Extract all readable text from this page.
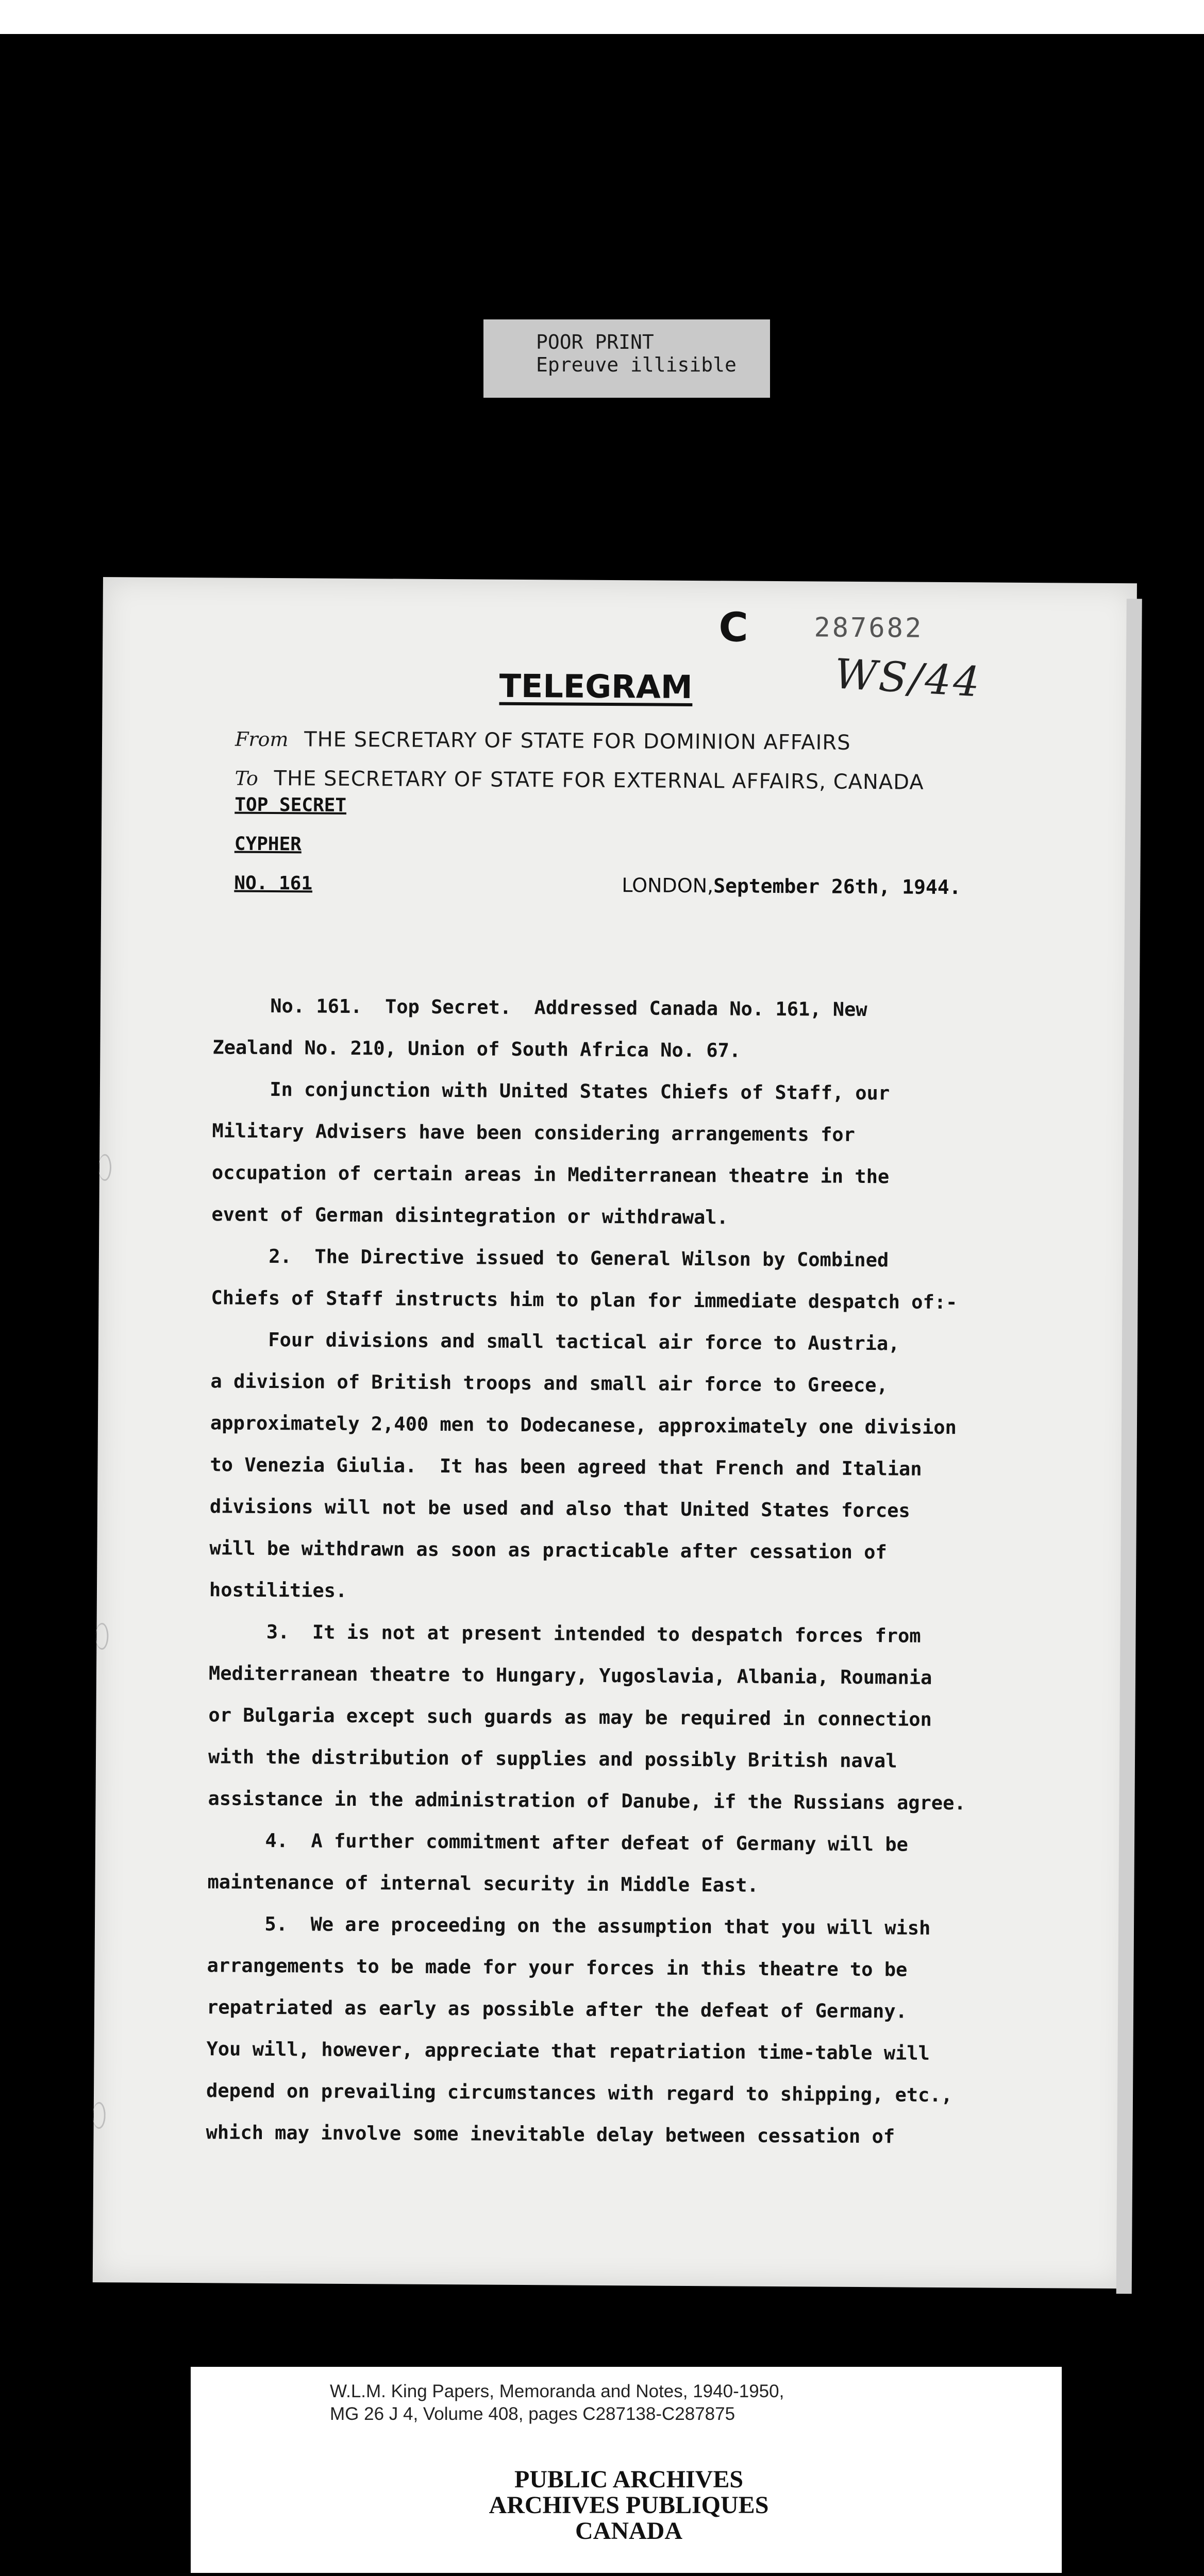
POOR PRINT
Epreuve illisible
C 287682
WS/44
TELEGRAM
From THE SECRETARY OF STATE FOR DOMINION AFFAIRS
To THE SECRETARY OF STATE FOR EXTERNAL AFFAIRS, CANADA
TOP SECRET
CYPHER
NO. 161	LONDON,September 26th, 1944.

No. 161.  Top Secret.  Addressed Canada No. 161, New

Zealand No. 210, Union of South Africa No. 67.

In conjunction with United States Chiefs of Staff, our

Military Advisers have been considering arrangements for

occupation of certain areas in Mediterranean theatre in the

event of German disintegration or withdrawal.

2.  The Directive issued to General Wilson by Combined

Chiefs of Staff instructs him to plan for immediate despatch of:-

Four divisions and small tactical air force to Austria,

a division of British troops and small air force to Greece,

approximately 2,400 men to Dodecanese, approximately one division

to Venezia Giulia.  It has been agreed that French and Italian

divisions will not be used and also that United States forces

will be withdrawn as soon as practicable after cessation of

hostilities.

3.  It is not at present intended to despatch forces from

Mediterranean theatre to Hungary, Yugoslavia, Albania, Roumania

or Bulgaria except such guards as may be required in connection

with the distribution of supplies and possibly British naval

assistance in the administration of Danube, if the Russians agree.

4.  A further commitment after defeat of Germany will be

maintenance of internal security in Middle East.

5.  We are proceeding on the assumption that you will wish

arrangements to be made for your forces in this theatre to be

repatriated as early as possible after the defeat of Germany.

You will, however, appreciate that repatriation time-table will

depend on prevailing circumstances with regard to shipping, etc.,

which may involve some inevitable delay between cessation of

W.L.M. King Papers, Memoranda and Notes, 1940-1950,
MG 26 J 4, Volume 408, pages C287138-C287875
PUBLIC ARCHIVES
ARCHIVES PUBLIQUES
CANADA
